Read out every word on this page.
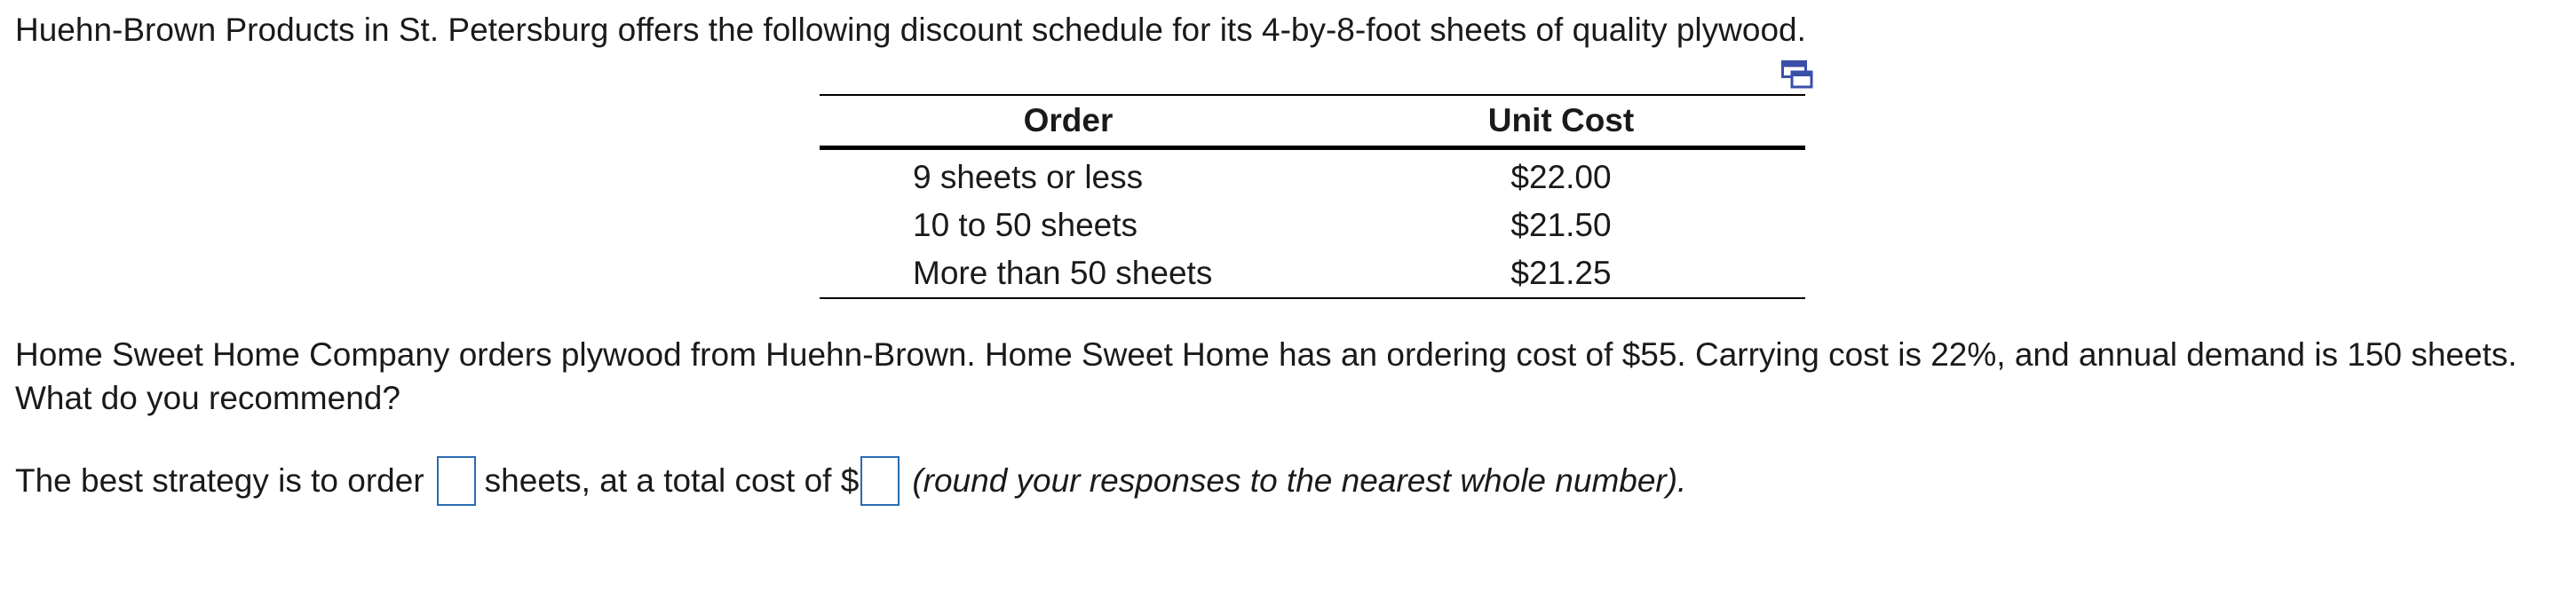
Huehn-Brown Products in St. Petersburg offers the following discount schedule for its 4-by-8-foot sheets of quality plywood.
Order	Unit Cost
9 sheets or less	$22.00
10 to 50 sheets	$21.50
More than 50 sheets	$21.25
Home Sweet Home Company orders plywood from Huehn-Brown. Home Sweet Home has an ordering cost of $55. Carrying cost is 22%, and annual demand is 150 sheets. What do you recommend?
The best strategy is to order sheets, at a total cost of $ (round your responses to the nearest whole number).
